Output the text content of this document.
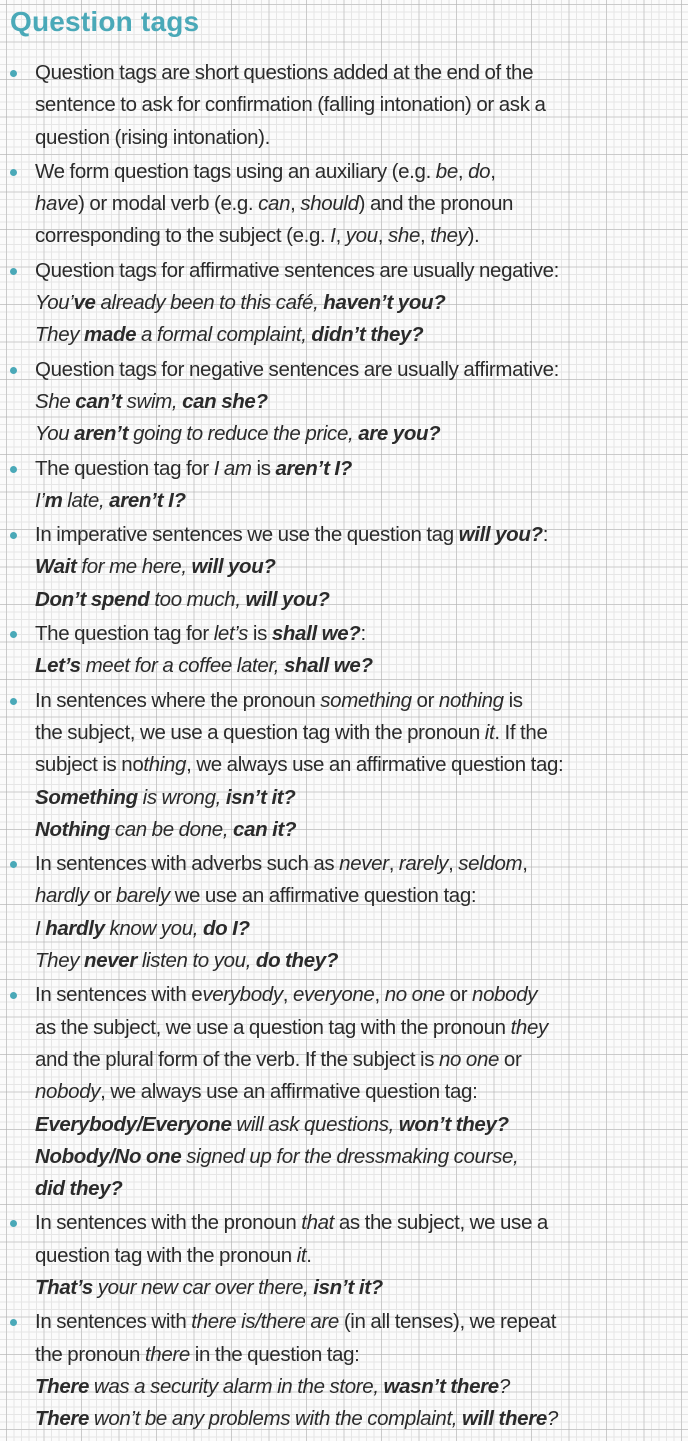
Question tags
Question tags are short questions added at the end of the
sentence to ask for confirmation (falling intonation) or ask a
question (rising intonation).
We form question tags using an auxiliary (e.g. be, do,
have) or modal verb (e.g. can, should) and the pronoun
corresponding to the subject (e.g. I, you, she, they).
Question tags for affirmative sentences are usually negative:
You’ve already been to this café, haven’t you?
They made a formal complaint, didn’t they?
Question tags for negative sentences are usually affirmative:
She can’t swim, can she?
You aren’t going to reduce the price, are you?
The question tag for I am is aren’t I?
I’m late, aren’t I?
In imperative sentences we use the question tag will you?:
Wait for me here, will you?
Don’t spend too much, will you?
The question tag for let’s is shall we?:
Let’s meet for a coffee later, shall we?
In sentences where the pronoun something or nothing is
the subject, we use a question tag with the pronoun it. If the
subject is nothing, we always use an affirmative question tag:
Something is wrong, isn’t it?
Nothing can be done, can it?
In sentences with adverbs such as never, rarely, seldom,
hardly or barely we use an affirmative question tag:
I hardly know you, do I?
They never listen to you, do they?
In sentences with everybody, everyone, no one or nobody
as the subject, we use a question tag with the pronoun they
and the plural form of the verb. If the subject is no one or
nobody, we always use an affirmative question tag:
Everybody/Everyone will ask questions, won’t they?
Nobody/No one signed up for the dressmaking course,
did they?
In sentences with the pronoun that as the subject, we use a
question tag with the pronoun it.
That’s your new car over there, isn’t it?
In sentences with there is/there are (in all tenses), we repeat
the pronoun there in the question tag:
There was a security alarm in the store, wasn’t there?
There won’t be any problems with the complaint, will there?
